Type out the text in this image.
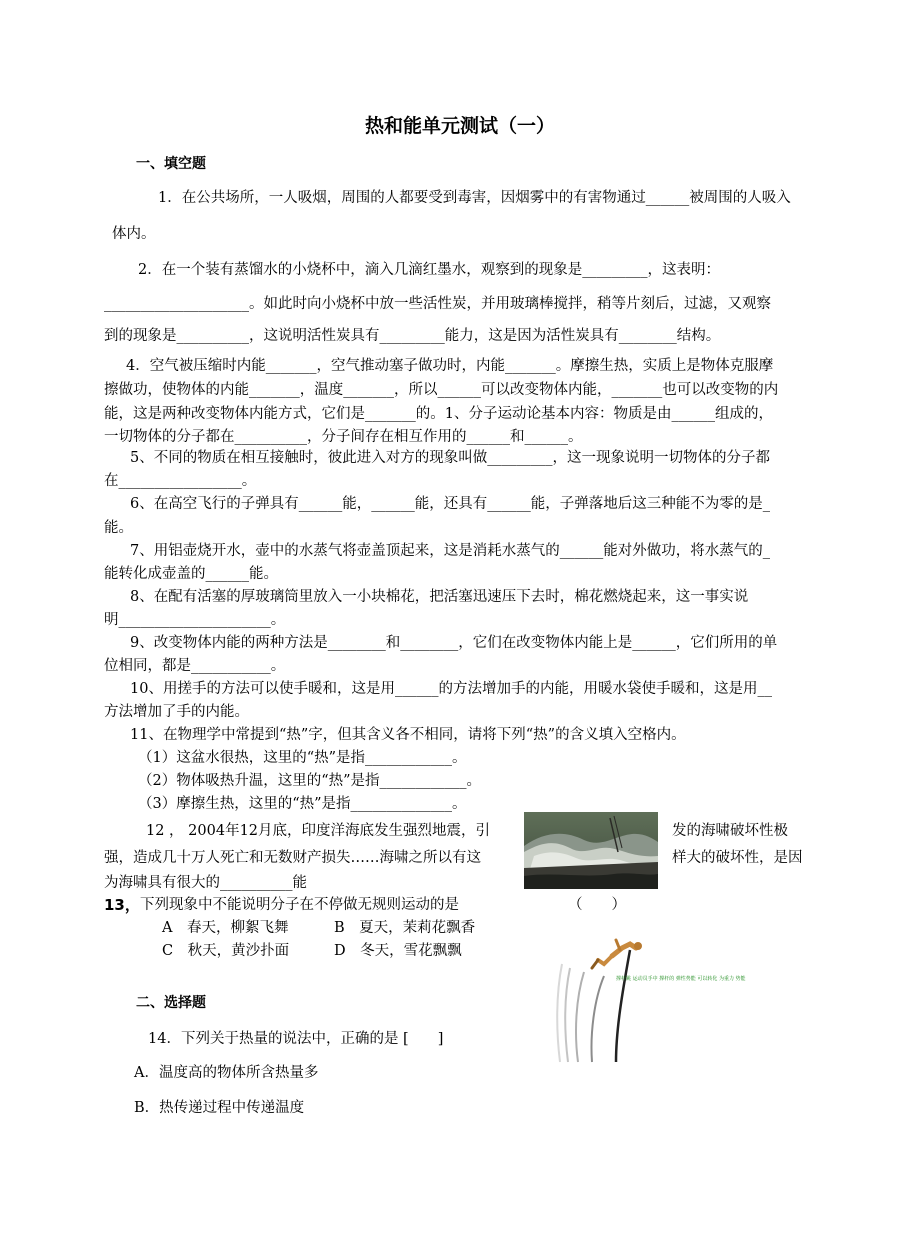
热和能单元测试（一）
一、填空题
1．在公共场所，一人吸烟，周围的人都要受到毒害，因烟雾中的有害物通过______被周围的人吸入
体内。
2．在一个装有蒸馏水的小烧杯中，滴入几滴红墨水，观察到的现象是_________，这表明：
____________________。如此时向小烧杯中放一些活性炭，并用玻璃棒搅拌，稍等片刻后，过滤，又观察
到的现象是__________，这说明活性炭具有_________能力，这是因为活性炭具有________结构。
4．空气被压缩时内能_______，空气推动塞子做功时，内能_______。摩擦生热，实质上是物体克服摩
擦做功，使物体的内能_______，温度_______，所以______可以改变物体内能，_______也可以改变物的内
能，这是两种改变物体内能方式，它们是_______的。1、分子运动论基本内容：物质是由______组成的，
一切物体的分子都在__________，分子间存在相互作用的______和______。
5、不同的物质在相互接触时，彼此进入对方的现象叫做_________，这一现象说明一切物体的分子都
在_________________。
6、在高空飞行的子弹具有______能，______能，还具有______能，子弹落地后这三种能不为零的是_
能。
7、用铝壶烧开水，壶中的水蒸气将壶盖顶起来，这是消耗水蒸气的______能对外做功，将水蒸气的_
能转化成壶盖的______能。
8、在配有活塞的厚玻璃筒里放入一小块棉花，把活塞迅速压下去时，棉花燃烧起来，这一事实说
明_____________________。
9、改变物体内能的两种方法是________和________，它们在改变物体内能上是______，它们所用的单
位相同，都是___________。
10、用搓手的方法可以使手暖和，这是用______的方法增加手的内能，用暖水袋使手暖和，这是用__
方法增加了手的内能。
11、在物理学中常提到“热”字，但其含义各不相同，请将下列“热”的含义填入空格内。
（1）这盆水很热，这里的“热”是指____________。
（2）物体吸热升温，这里的“热”是指____________。
（3）摩擦生热，这里的“热”是指______________。
12 ， 2004年12月底，印度洋海底发生强烈地震，引	发的海啸破坏性极
强，造成几十万人死亡和无数财产损失……海啸之所以有这	样大的破坏性，是因
为海啸具有很大的__________能
13， 下列现象中不能说明分子在不停做无规则运动的是	（　　）
A　春天，柳絮飞舞	B　夏天，茉莉花飘香
C　秋天，黄沙扑面	D　冬天，雪花飘飘
撑杆跳 运动员手中 撑杆的 弹性势能 可以转化 为重力 势能
二、选择题
14．下列关于热量的说法中，正确的是 [　　]
A．温度高的物体所含热量多
B．热传递过程中传递温度
